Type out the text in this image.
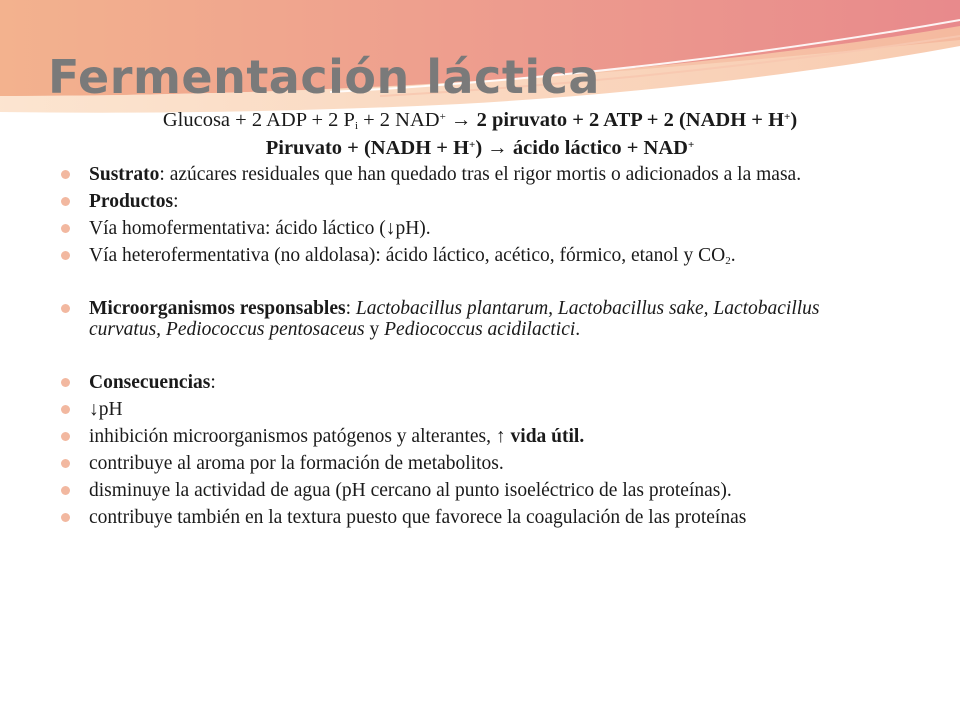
Fermentación láctica
Glucosa + 2 ADP + 2 $P_i + 2$ NAD+ → 2 piruvato + 2 ATP + 2 (NADH + H+)
Piruvato + (NADH + H+) → ácido láctico + NAD+
Sustrato: azúcares residuales que han quedado tras el rigor mortis o adicionados a la masa.
Productos:
Vía homofermentativa: ácido láctico (↓pH).
Vía heterofermentativa (no aldolasa): ácido láctico, acético, fórmico, etanol y $CO_2$.
Microorganismos responsables: Lactobacillus plantarum, Lactobacillus sake, Lactobacillus curvatus, Pediococcus pentosaceus y Pediococcus acidilactici.
Consecuencias:
↓pH
inhibición microorganismos patógenos y alterantes, ↑ vida útil.
contribuye al aroma por la formación de metabolitos.
disminuye la actividad de agua (pH cercano al punto isoeléctrico de las proteínas).
contribuye también en la textura puesto que favorece la coagulación de las proteínas
